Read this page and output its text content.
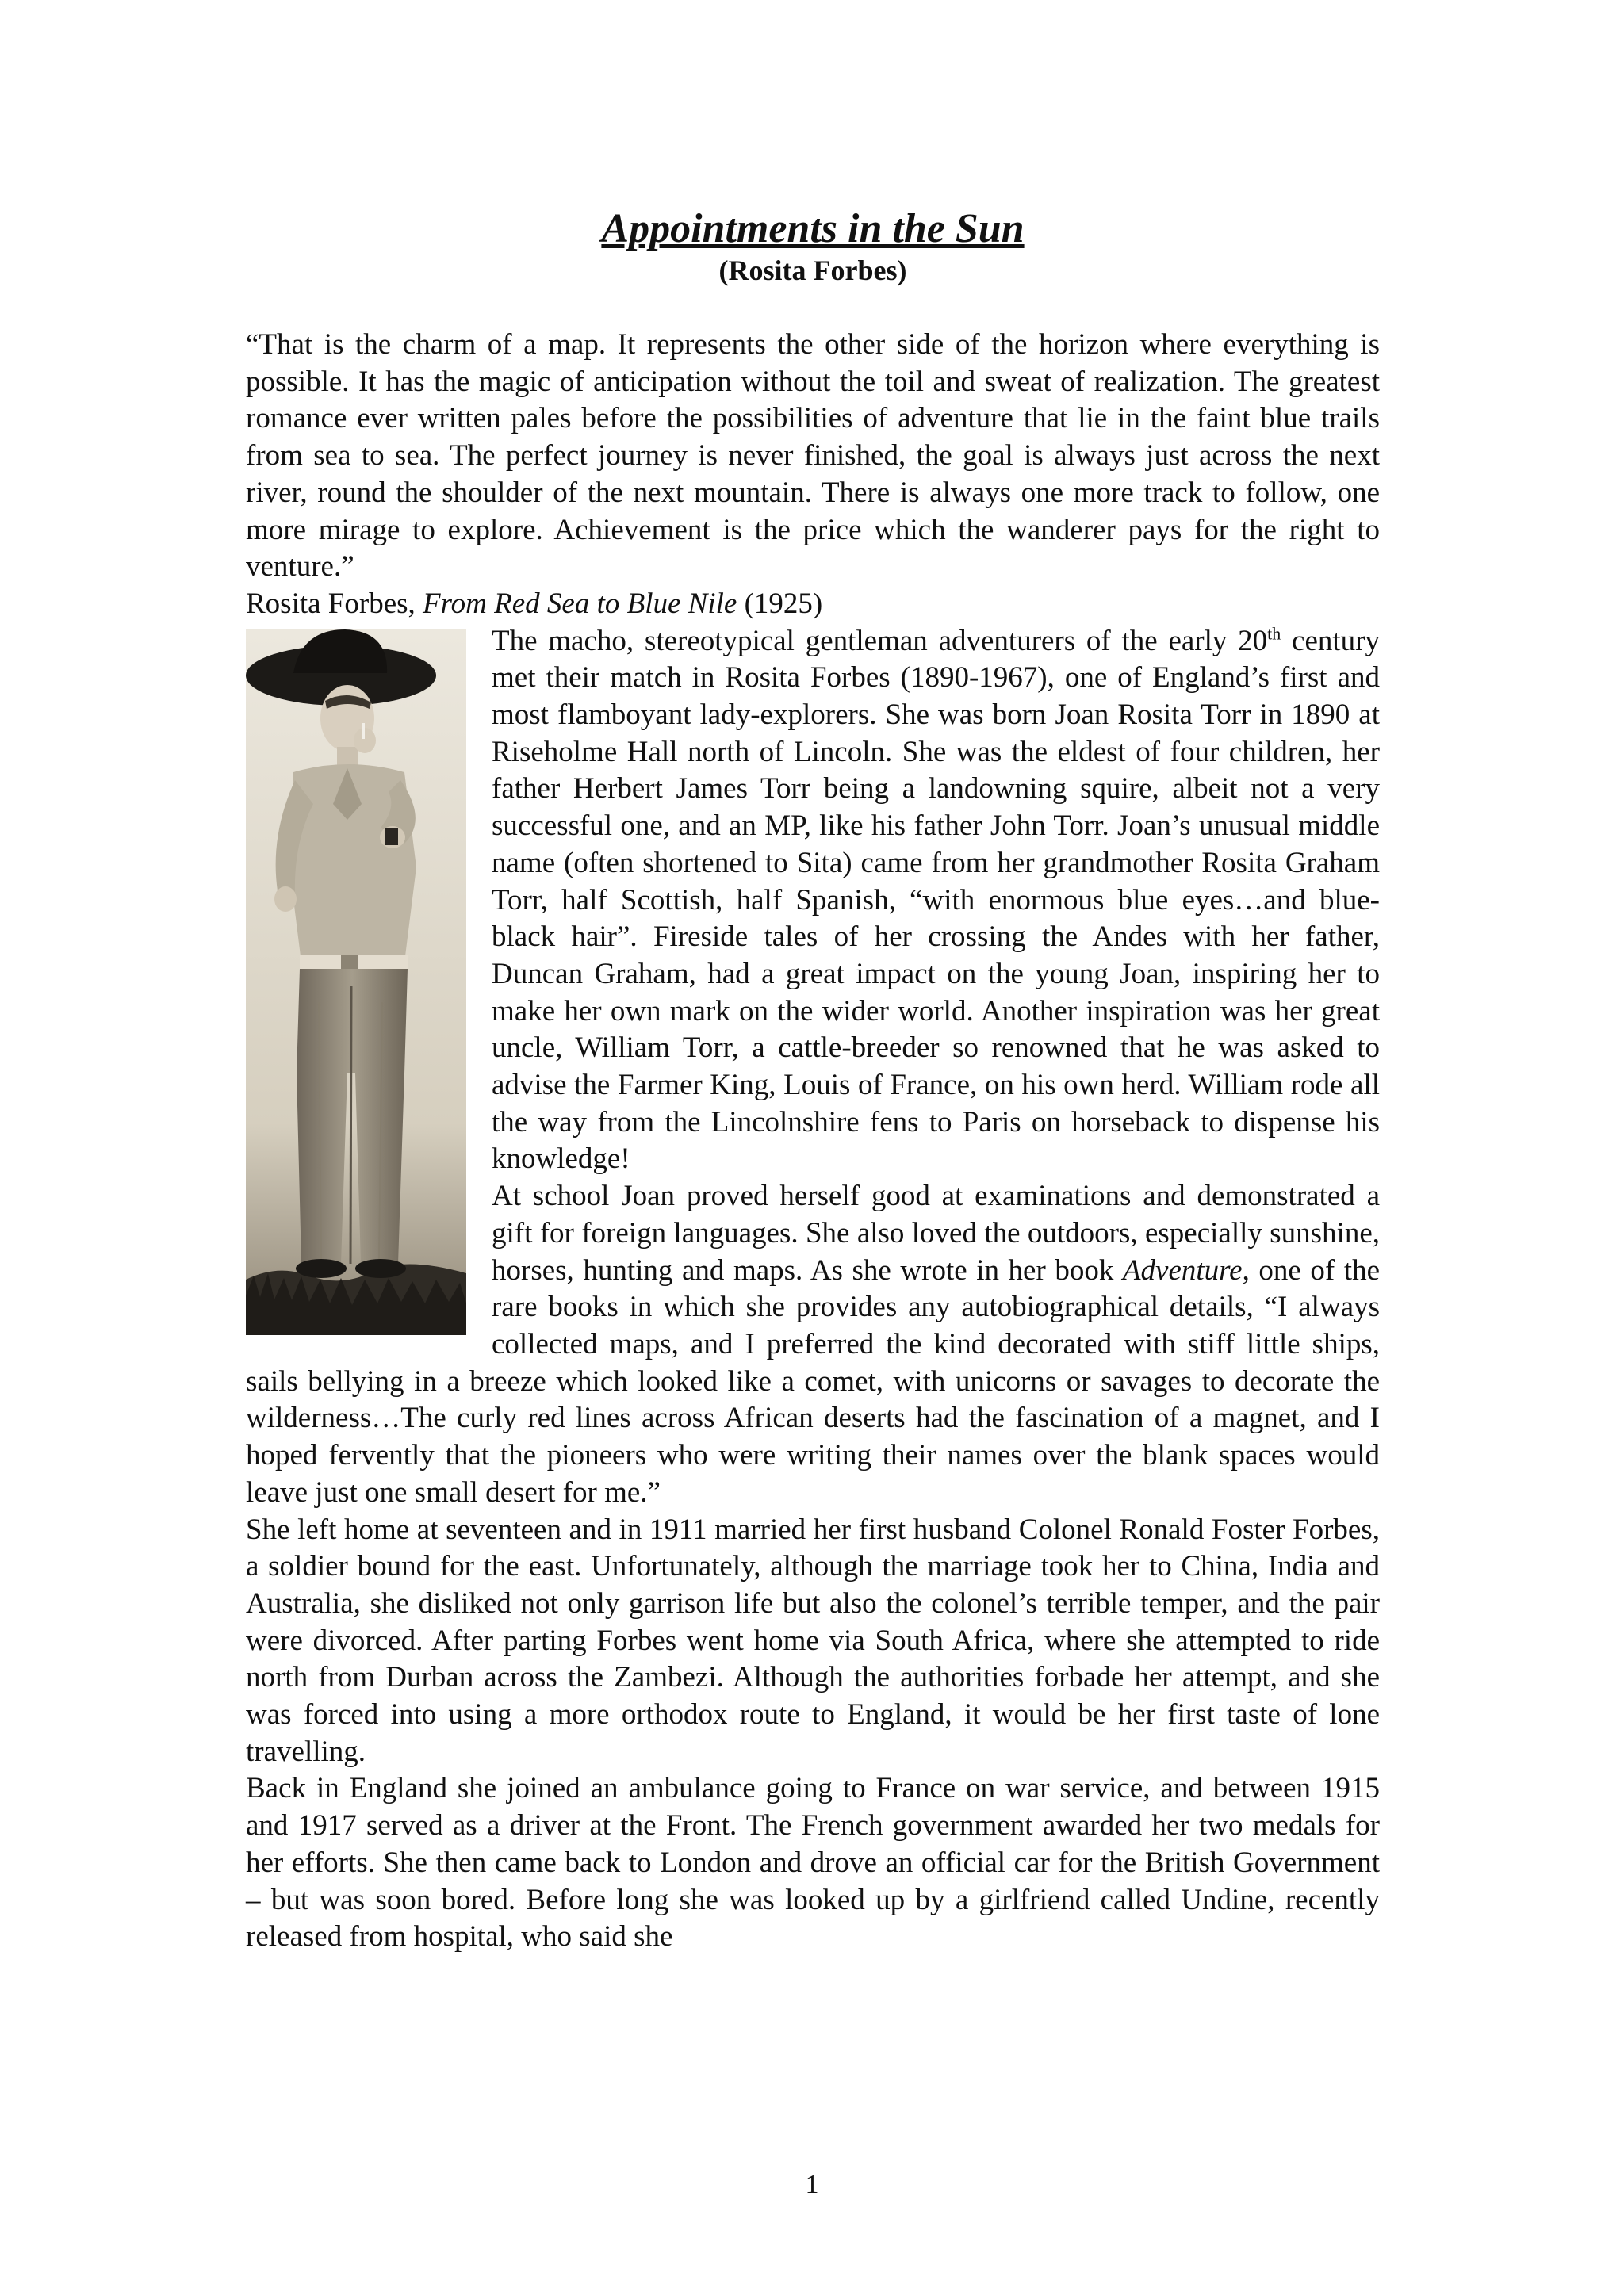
Appointments in the Sun
(Rosita Forbes)

“That is the charm of a map. It represents the other side of the horizon where everything is possible. It has the magic of anticipation without the toil and sweat of realization. The greatest romance ever written pales before the possibilities of adventure that lie in the faint blue trails from sea to sea. The perfect journey is never finished, the goal is always just across the next river, round the shoulder of the next mountain. There is always one more track to follow, one more mirage to explore. Achievement is the price which the wanderer pays for the right to venture.”

Rosita Forbes, From Red Sea to Blue Nile (1925)

The macho, stereotypical gentleman adventurers of the early 20th century met their match in Rosita Forbes (1890-1967), one of England’s first and most flamboyant lady-explorers. She was born Joan Rosita Torr in 1890 at Riseholme Hall north of Lincoln. She was the eldest of four children, her father Herbert James Torr being a landowning squire, albeit not a very successful one, and an MP, like his father John Torr. Joan’s unusual middle name (often shortened to Sita) came from her grandmother Rosita Graham Torr, half Scottish, half Spanish, “with enormous blue eyes…and blue-black hair”. Fireside tales of her crossing the Andes with her father, Duncan Graham, had a great impact on the young Joan, inspiring her to make her own mark on the wider world. Another inspiration was her great uncle, William Torr, a cattle-breeder so renowned that he was asked to advise the Farmer King, Louis of France, on his own herd. William rode all the way from the Lincolnshire fens to Paris on horseback to dispense his knowledge!

At school Joan proved herself good at examinations and demonstrated a gift for foreign languages. She also loved the outdoors, especially sunshine, horses, hunting and maps. As she wrote in her book Adventure, one of the rare books in which she provides any autobiographical details, “I always collected maps, and I preferred the kind decorated with stiff little ships, sails bellying in a breeze which looked like a comet, with unicorns or savages to decorate the wilderness…The curly red lines across African deserts had the fascination of a magnet, and I hoped fervently that the pioneers who were writing their names over the blank spaces would leave just one small desert for me.”

She left home at seventeen and in 1911 married her first husband Colonel Ronald Foster Forbes, a soldier bound for the east. Unfortunately, although the marriage took her to China, India and Australia, she disliked not only garrison life but also the colonel’s terrible temper, and the pair were divorced. After parting Forbes went home via South Africa, where she attempted to ride north from Durban across the Zambezi. Although the authorities forbade her attempt, and she was forced into using a more orthodox route to England, it would be her first taste of lone travelling.

Back in England she joined an ambulance going to France on war service, and between 1915 and 1917 served as a driver at the Front. The French government awarded her two medals for her efforts. She then came back to London and drove an official car for the British Government – but was soon bored. Before long she was looked up by a girlfriend called Undine, recently released from hospital, who said she

1
